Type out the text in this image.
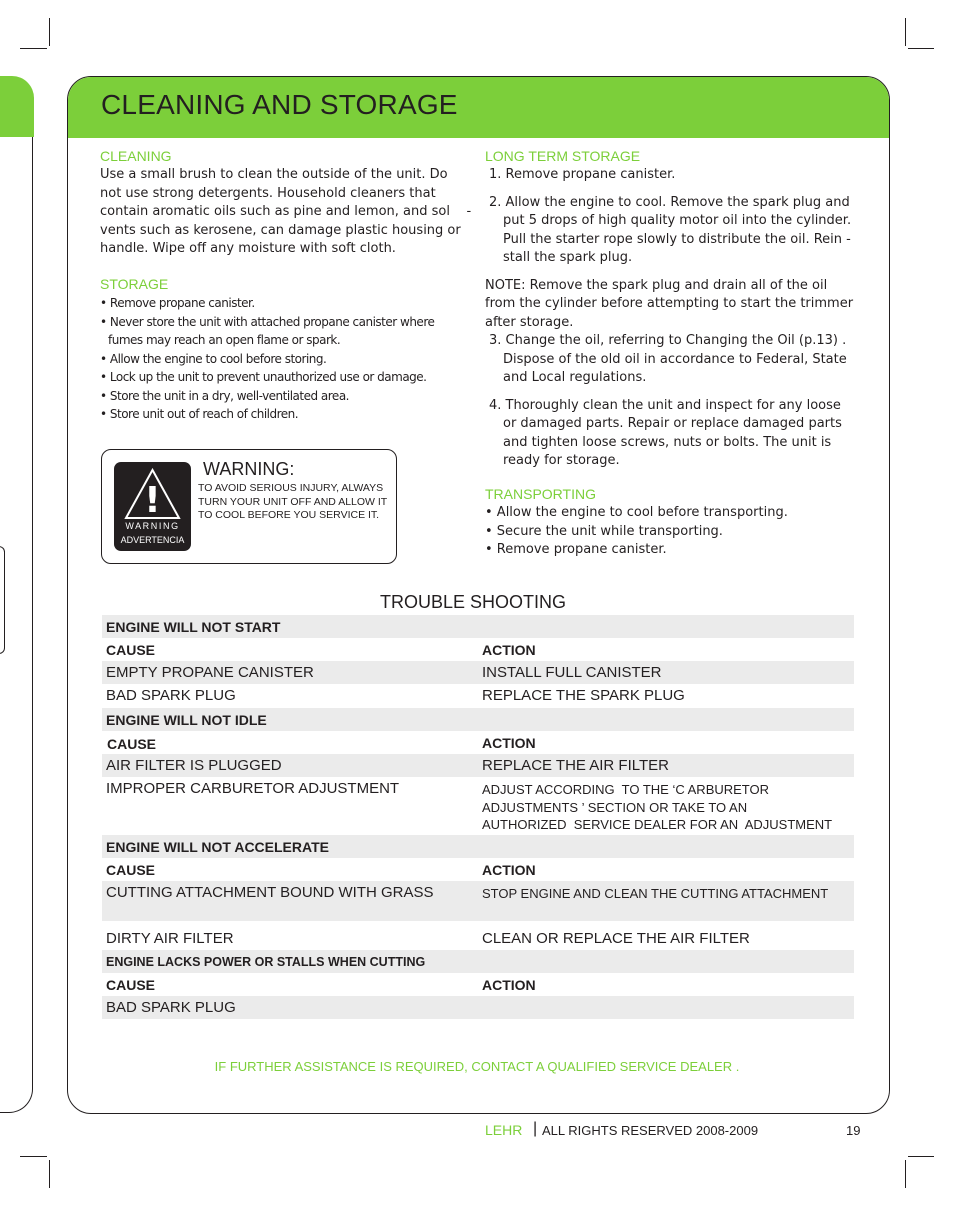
CLEANING AND STORAGE
CLEANING
Use a small brush to clean the outside of the unit. Do
not use strong detergents. Household cleaners that
contain aromatic oils such as pine and lemon, and sol    -
vents such as kerosene, can damage plastic housing or
handle. Wipe off any moisture with soft cloth.
STORAGE
• Remove propane canister.
• Never store the unit with attached propane canister where
fumes may reach an open flame or spark.
• Allow the engine to cool before storing.
• Lock up the unit to prevent unauthorized use or damage.
• Store the unit in a dry, well-ventilated area.
• Store unit out of reach of children.
!
WARNING
ADVERTENCIA
WARNING:
TO AVOID SERIOUS INJURY, ALWAYS TURN YOUR UNIT OFF AND ALLOW IT TO COOL BEFORE YOU SERVICE IT.
LONG TERM STORAGE
1. Remove propane canister.
2. Allow the engine to cool. Remove the spark plug and put 5 drops of high quality motor oil into the cylinder. Pull the starter rope slowly to distribute the oil. Rein - stall the spark plug.
NOTE: Remove the spark plug and drain all of the oil from the cylinder before attempting to start the trimmer after storage.
3. Change the oil, referring to Changing the Oil (p.13) . Dispose of the old oil in accordance to Federal, State and Local regulations.
4. Thoroughly clean the unit and inspect for any loose or damaged parts. Repair or replace damaged parts and tighten loose screws, nuts or bolts. The unit is ready for storage.
TRANSPORTING
• Allow the engine to cool before transporting.
• Secure the unit while transporting.
• Remove propane canister.
TROUBLE SHOOTING
ENGINE WILL NOT START
CAUSE	ACTION
EMPTY PROPANE CANISTER	INSTALL FULL CANISTER
BAD SPARK PLUG	REPLACE THE SPARK PLUG
ENGINE WILL NOT IDLE
CAUSE	ACTION
AIR FILTER IS PLUGGED	REPLACE THE AIR FILTER
IMPROPER CARBURETOR ADJUSTMENT	ADJUST ACCORDING  TO THE ‘C ARBURETOR
ADJUSTMENTS ’ SECTION OR TAKE TO AN
AUTHORIZED  SERVICE DEALER FOR AN  ADJUSTMENT
ENGINE WILL NOT ACCELERATE
CAUSE	ACTION
CUTTING ATTACHMENT BOUND WITH GRASS	STOP ENGINE AND CLEAN THE CUTTING ATTACHMENT
DIRTY AIR FILTER	CLEAN OR REPLACE THE AIR FILTER
ENGINE LACKS POWER OR STALLS WHEN CUTTING
CAUSE	ACTION
BAD SPARK PLUG
IF FURTHER ASSISTANCE IS REQUIRED, CONTACT A QUALIFIED SERVICE DEALER .
LEHR | ALL RIGHTS RESERVED 2008-2009	19
